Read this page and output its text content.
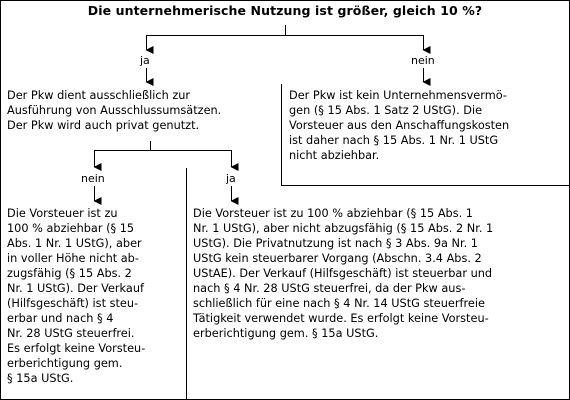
Die unternehmerische Nutzung ist größer, gleich 10 %?
ja	nein
Der Pkw dient ausschließlich zur
Ausführung von Ausschlussumsätzen.
Der Pkw wird auch privat genutzt.
Der Pkw ist kein Unternehmensvermö-
gen (§ 15 Abs. 1 Satz 2 UStG). Die
Vorsteuer aus den Anschaffungskosten
ist daher nach § 15 Abs. 1 Nr. 1 UStG
nicht abziehbar.
nein	ja
Die Vorsteuer ist zu
100 % abziehbar (§ 15
Abs. 1 Nr. 1 UStG), aber
in voller Höhe nicht ab-
zugsfähig (§ 15 Abs. 2
Nr. 1 UStG). Der Verkauf
(Hilfsgeschäft) ist steu-
erbar und nach § 4
Nr. 28 UStG steuerfrei.
Es erfolgt keine Vorsteu-
erberichtigung gem.
§ 15a UStG.
Die Vorsteuer ist zu 100 % abziehbar (§ 15 Abs. 1
Nr. 1 UStG), aber nicht abzugsfähig (§ 15 Abs. 2 Nr. 1
UStG). Die Privatnutzung ist nach § 3 Abs. 9a Nr. 1
UStG kein steuerbarer Vorgang (Abschn. 3.4 Abs. 2
UStAE). Der Verkauf (Hilfsgeschäft) ist steuerbar und
nach § 4 Nr. 28 UStG steuerfrei, da der Pkw aus-
schließlich für eine nach § 4 Nr. 14 UStG steuerfreie
Tätigkeit verwendet wurde. Es erfolgt keine Vorsteu-
erberichtigung gem. § 15a UStG.
